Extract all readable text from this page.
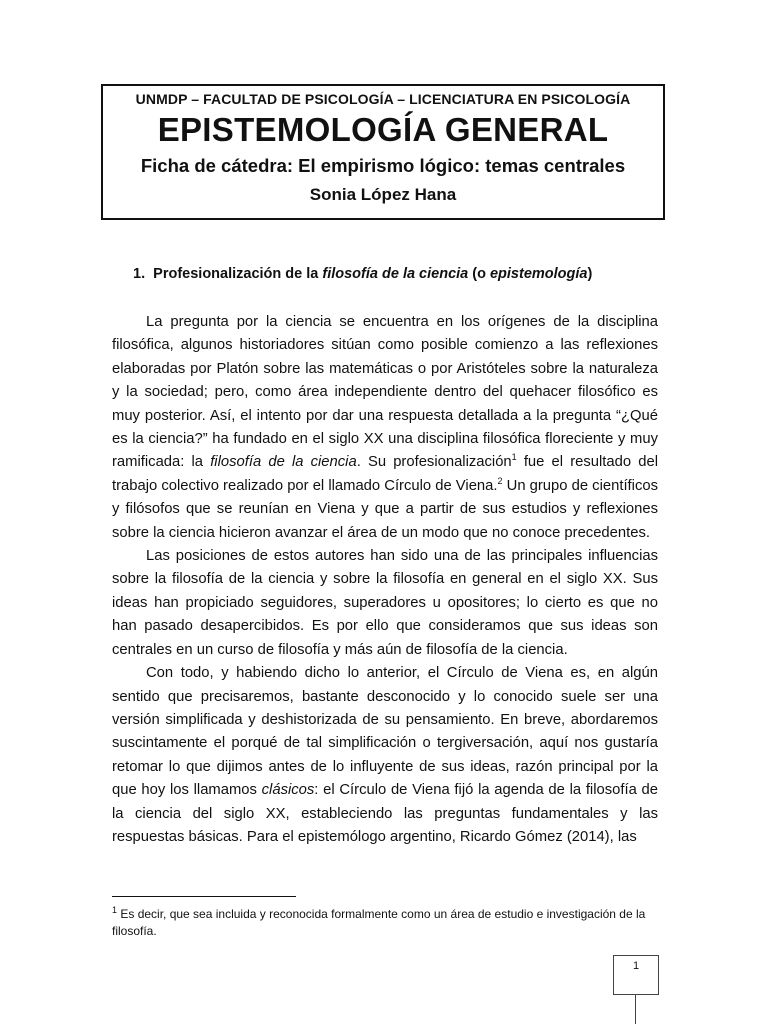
UNMDP – FACULTAD DE PSICOLOGÍA – LICENCIATURA EN PSICOLOGÍA
EPISTEMOLOGÍA GENERAL
Ficha de cátedra: El empirismo lógico: temas centrales
Sonia López Hana
1. Profesionalización de la filosofía de la ciencia (o epistemología)

La pregunta por la ciencia se encuentra en los orígenes de la disciplina filosófica, algunos historiadores sitúan como posible comienzo a las reflexiones elaboradas por Platón sobre las matemáticas o por Aristóteles sobre la naturaleza y la sociedad; pero, como área independiente dentro del quehacer filosófico es muy posterior. Así, el intento por dar una respuesta detallada a la pregunta “¿Qué es la ciencia?” ha fundado en el siglo XX una disciplina filosófica floreciente y muy ramificada: la filosofía de la ciencia. Su profesionalización$^1$ fue el resultado del trabajo colectivo realizado por el llamado Círculo de Viena.$^2$ Un grupo de científicos y filósofos que se reunían en Viena y que a partir de sus estudios y reflexiones sobre la ciencia hicieron avanzar el área de un modo que no conoce precedentes.

Las posiciones de estos autores han sido una de las principales influencias sobre la filosofía de la ciencia y sobre la filosofía en general en el siglo XX. Sus ideas han propiciado seguidores, superadores u opositores; lo cierto es que no han pasado desapercibidos. Es por ello que consideramos que sus ideas son centrales en un curso de filosofía y más aún de filosofía de la ciencia.

Con todo, y habiendo dicho lo anterior, el Círculo de Viena es, en algún sentido que precisaremos, bastante desconocido y lo conocido suele ser una versión simplificada y deshistorizada de su pensamiento. En breve, abordaremos suscintamente el porqué de tal simplificación o tergiversación, aquí nos gustaría retomar lo que dijimos antes de lo influyente de sus ideas, razón principal por la que hoy los llamamos clásicos: el Círculo de Viena fijó la agenda de la filosofía de la ciencia del siglo XX, estableciendo las preguntas fundamentales y las respuestas básicas. Para el epistemólogo argentino, Ricardo Gómez (2014), las

$^1$ Es decir, que sea incluida y reconocida formalmente como un área de estudio e investigación de la filosofía.
1
